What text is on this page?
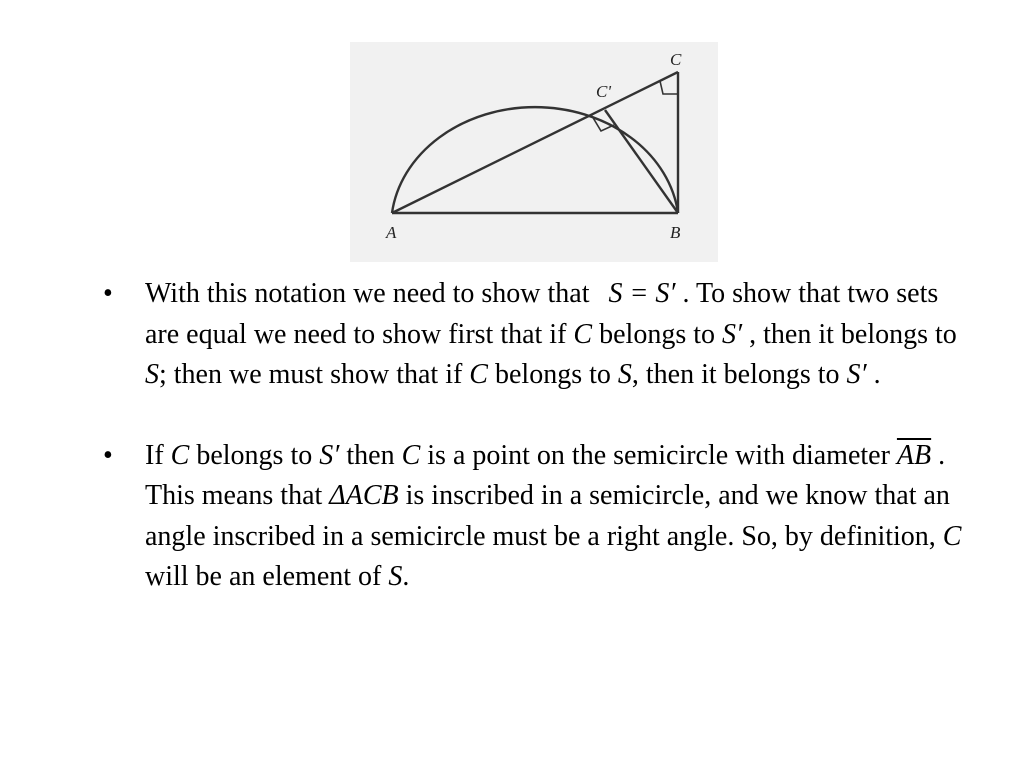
A	B
C
C'
• With this notation we need to show that S = S′ . To show that two sets are equal we need to show first that if C belongs to S′ , then it belongs to S; then we must show that if C belongs to S, then it belongs to S′ .
• If C belongs to S′ then C is a point on the semicircle with diameter $\overline{AB}$ . This means that ΔACB is inscribed in a semicircle, and we know that an angle inscribed in a semicircle must be a right angle. So, by definition, C will be an element of S.
